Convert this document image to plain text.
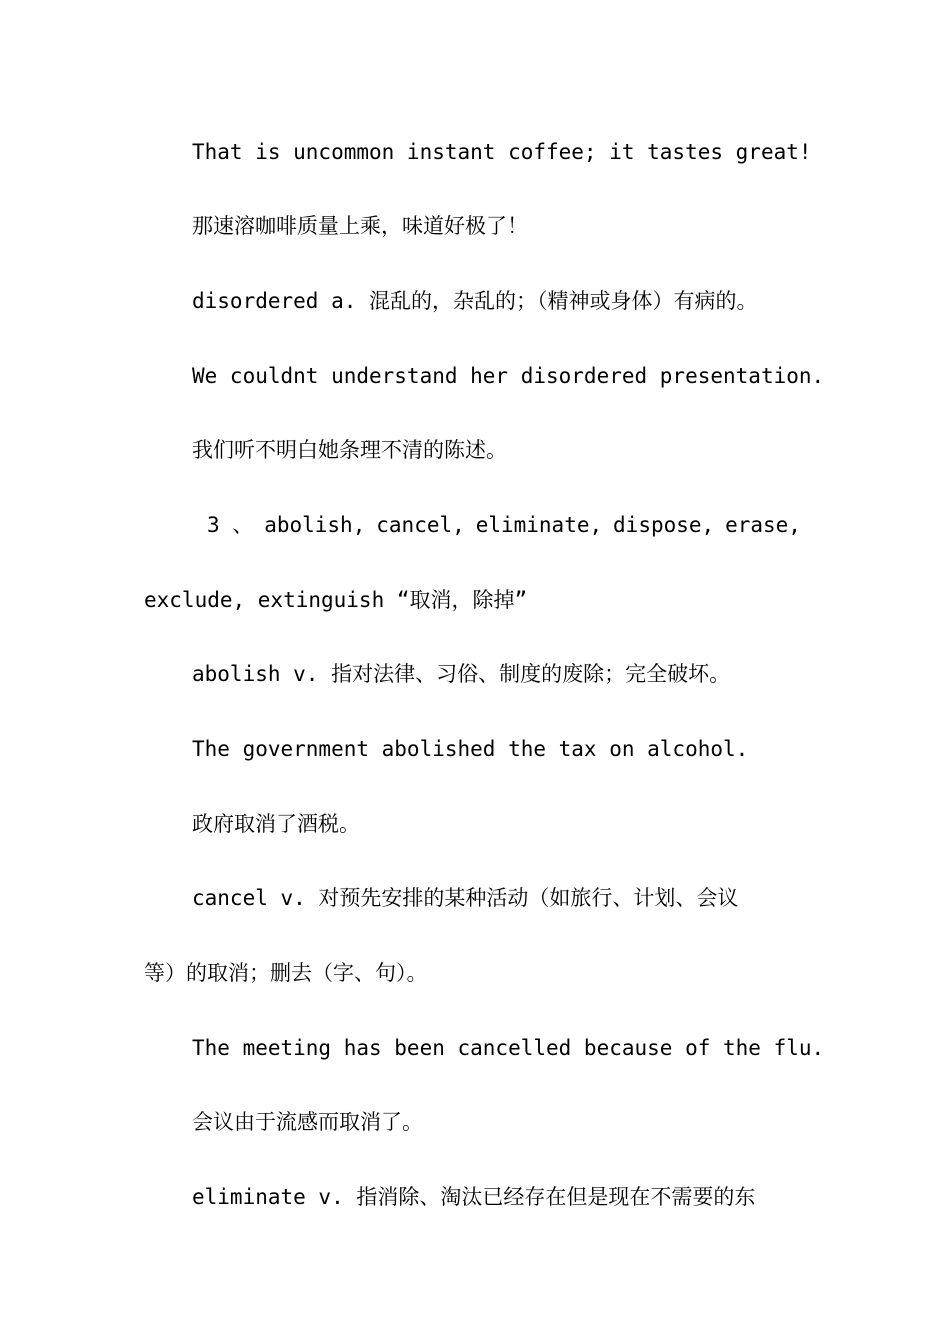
That is uncommon instant coffee; it tastes great!
那速溶咖啡质量上乘，味道好极了！
disordered a. 混乱的，杂乱的；（精神或身体）有病的。
We couldnt understand her disordered presentation.
我们听不明白她条理不清的陈述。
3 、 abolish, cancel, eliminate, dispose, erase,
exclude, extinguish “取消，除掉”
abolish v. 指对法律、习俗、制度的废除；完全破坏。
The government abolished the tax on alcohol.
政府取消了酒税。
cancel v. 对预先安排的某种活动（如旅行、计划、会议
等）的取消；删去（字、句）。
The meeting has been cancelled because of the flu.
会议由于流感而取消了。
eliminate v. 指消除、淘汰已经存在但是现在不需要的东
